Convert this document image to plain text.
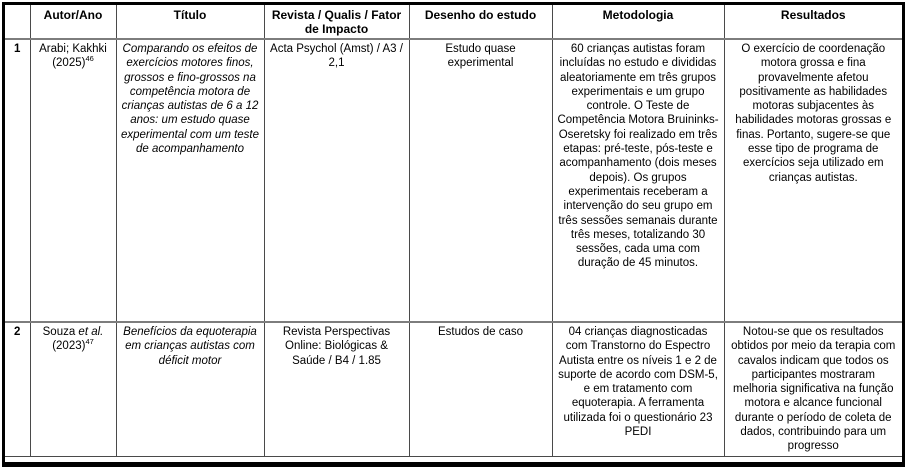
	Autor/Ano	Título	Revista / Qualis / Fator de Impacto	Desenho do estudo	Metodologia	Resultados
1	Arabi; Kakhki (2025)$^{46}$	Comparando os efeitos de exercícios motores finos, grossos e fino-grossos na competência motora de crianças autistas de 6 a 12 anos: um estudo quase experimental com um teste de acompanhamento	Acta Psychol (Amst) / A3 / 2,1	Estudo quase experimental	60 crianças autistas foram incluídas no estudo e divididas aleatoriamente em três grupos experimentais e um grupo controle. O Teste de Competência Motora Bruininks-Oseretsky foi realizado em três etapas: pré-teste, pós-teste e acompanhamento (dois meses depois). Os grupos experimentais receberam a intervenção do seu grupo em três sessões semanais durante três meses, totalizando 30 sessões, cada uma com duração de 45 minutos.	O exercício de coordenação motora grossa e fina provavelmente afetou positivamente as habilidades motoras subjacentes às habilidades motoras grossas e finas. Portanto, sugere-se que esse tipo de programa de exercícios seja utilizado em crianças autistas.
2	Souza et al. (2023)$^{47}$	Benefícios da equoterapia em crianças autistas com déficit motor	Revista Perspectivas Online: Biológicas & Saúde / B4 / 1.85	Estudos de caso	04 crianças diagnosticadas com Transtorno do Espectro Autista entre os níveis 1 e 2 de suporte de acordo com DSM-5, e em tratamento com equoterapia. A ferramenta utilizada foi o questionário 23 PEDI	Notou-se que os resultados obtidos por meio da terapia com cavalos indicam que todos os participantes mostraram melhoria significativa na função motora e alcance funcional durante o período de coleta de dados, contribuindo para um progresso
